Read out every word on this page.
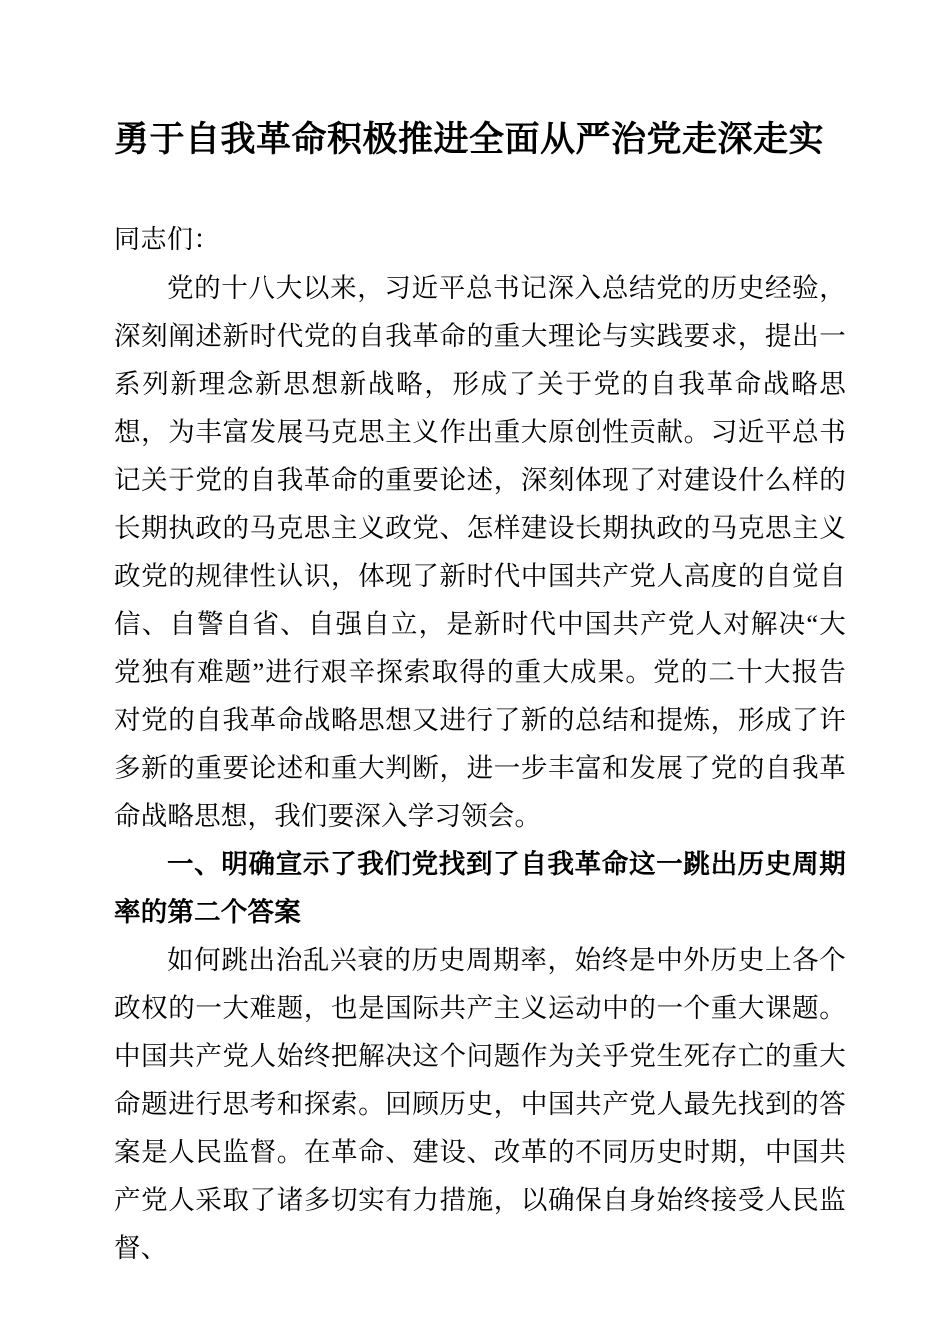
勇于自我革命积极推进全面从严治党走深走实

同志们：

党的十八大以来，习近平总书记深入总结党的历史经验，深刻阐述新时代党的自我革命的重大理论与实践要求，提出一系列新理念新思想新战略，形成了关于党的自我革命战略思想，为丰富发展马克思主义作出重大原创性贡献。习近平总书记关于党的自我革命的重要论述，深刻体现了对建设什么样的长期执政的马克思主义政党、怎样建设长期执政的马克思主义政党的规律性认识，体现了新时代中国共产党人高度的自觉自信、自警自省、自强自立，是新时代中国共产党人对解决“大党独有难题”进行艰辛探索取得的重大成果。党的二十大报告对党的自我革命战略思想又进行了新的总结和提炼，形成了许多新的重要论述和重大判断，进一步丰富和发展了党的自我革命战略思想，我们要深入学习领会。

一、明确宣示了我们党找到了自我革命这一跳出历史周期率的第二个答案

如何跳出治乱兴衰的历史周期率，始终是中外历史上各个政权的一大难题，也是国际共产主义运动中的一个重大课题。中国共产党人始终把解决这个问题作为关乎党生死存亡的重大命题进行思考和探索。回顾历史，中国共产党人最先找到的答案是人民监督。在革命、建设、改革的不同历史时期，中国共产党人采取了诸多切实有力措施，以确保自身始终接受人民监督、
